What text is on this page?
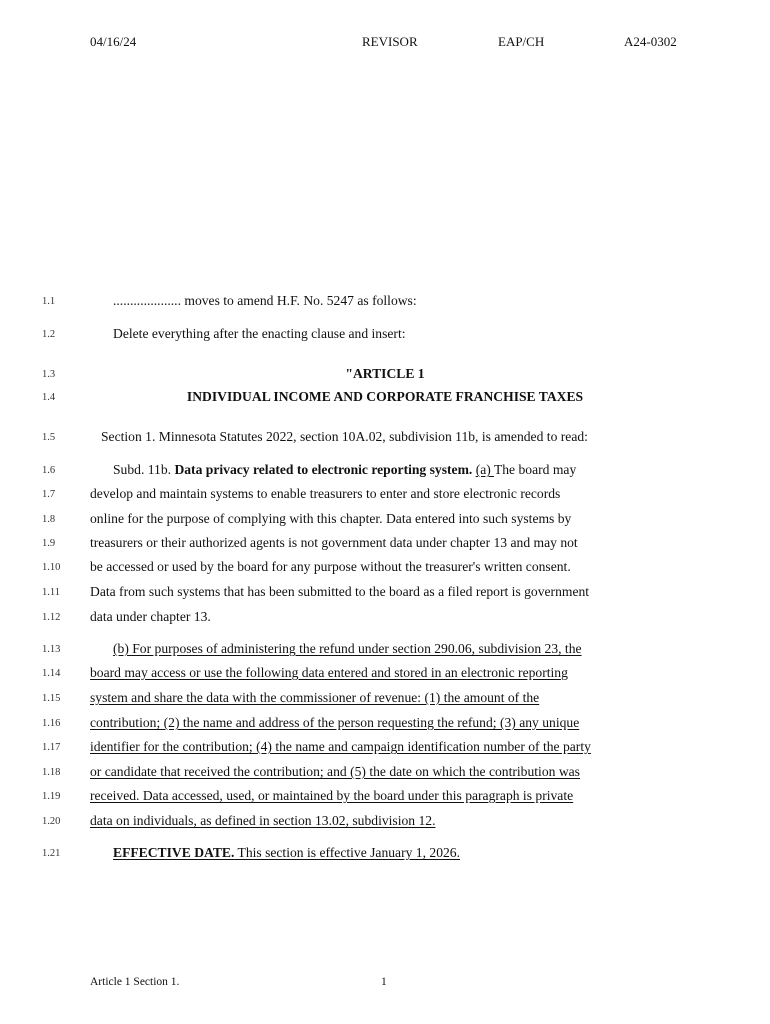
04/16/24	REVISOR	EAP/CH	A24-0302
1.1
1.2
1.3
1.4
1.5
1.6
1.7
1.8
1.9
1.10
1.11
1.12
1.13
1.14
1.15
1.16
1.17
1.18
1.19
1.20
1.21
.................... moves to amend H.F. No. 5247 as follows:
Delete everything after the enacting clause and insert:
"ARTICLE 1
INDIVIDUAL INCOME AND CORPORATE FRANCHISE TAXES
Section 1. Minnesota Statutes 2022, section 10A.02, subdivision 11b, is amended to read:
Subd. 11b. Data privacy related to electronic reporting system. (a) The board may
develop and maintain systems to enable treasurers to enter and store electronic records
online for the purpose of complying with this chapter. Data entered into such systems by
treasurers or their authorized agents is not government data under chapter 13 and may not
be accessed or used by the board for any purpose without the treasurer's written consent.
Data from such systems that has been submitted to the board as a filed report is government
data under chapter 13.
(b) For purposes of administering the refund under section 290.06, subdivision 23, the
board may access or use the following data entered and stored in an electronic reporting
system and share the data with the commissioner of revenue: (1) the amount of the
contribution; (2) the name and address of the person requesting the refund; (3) any unique
identifier for the contribution; (4) the name and campaign identification number of the party
or candidate that received the contribution; and (5) the date on which the contribution was
received. Data accessed, used, or maintained by the board under this paragraph is private
data on individuals, as defined in section 13.02, subdivision 12.
EFFECTIVE DATE. This section is effective January 1, 2026.
Article 1 Section 1.	1
